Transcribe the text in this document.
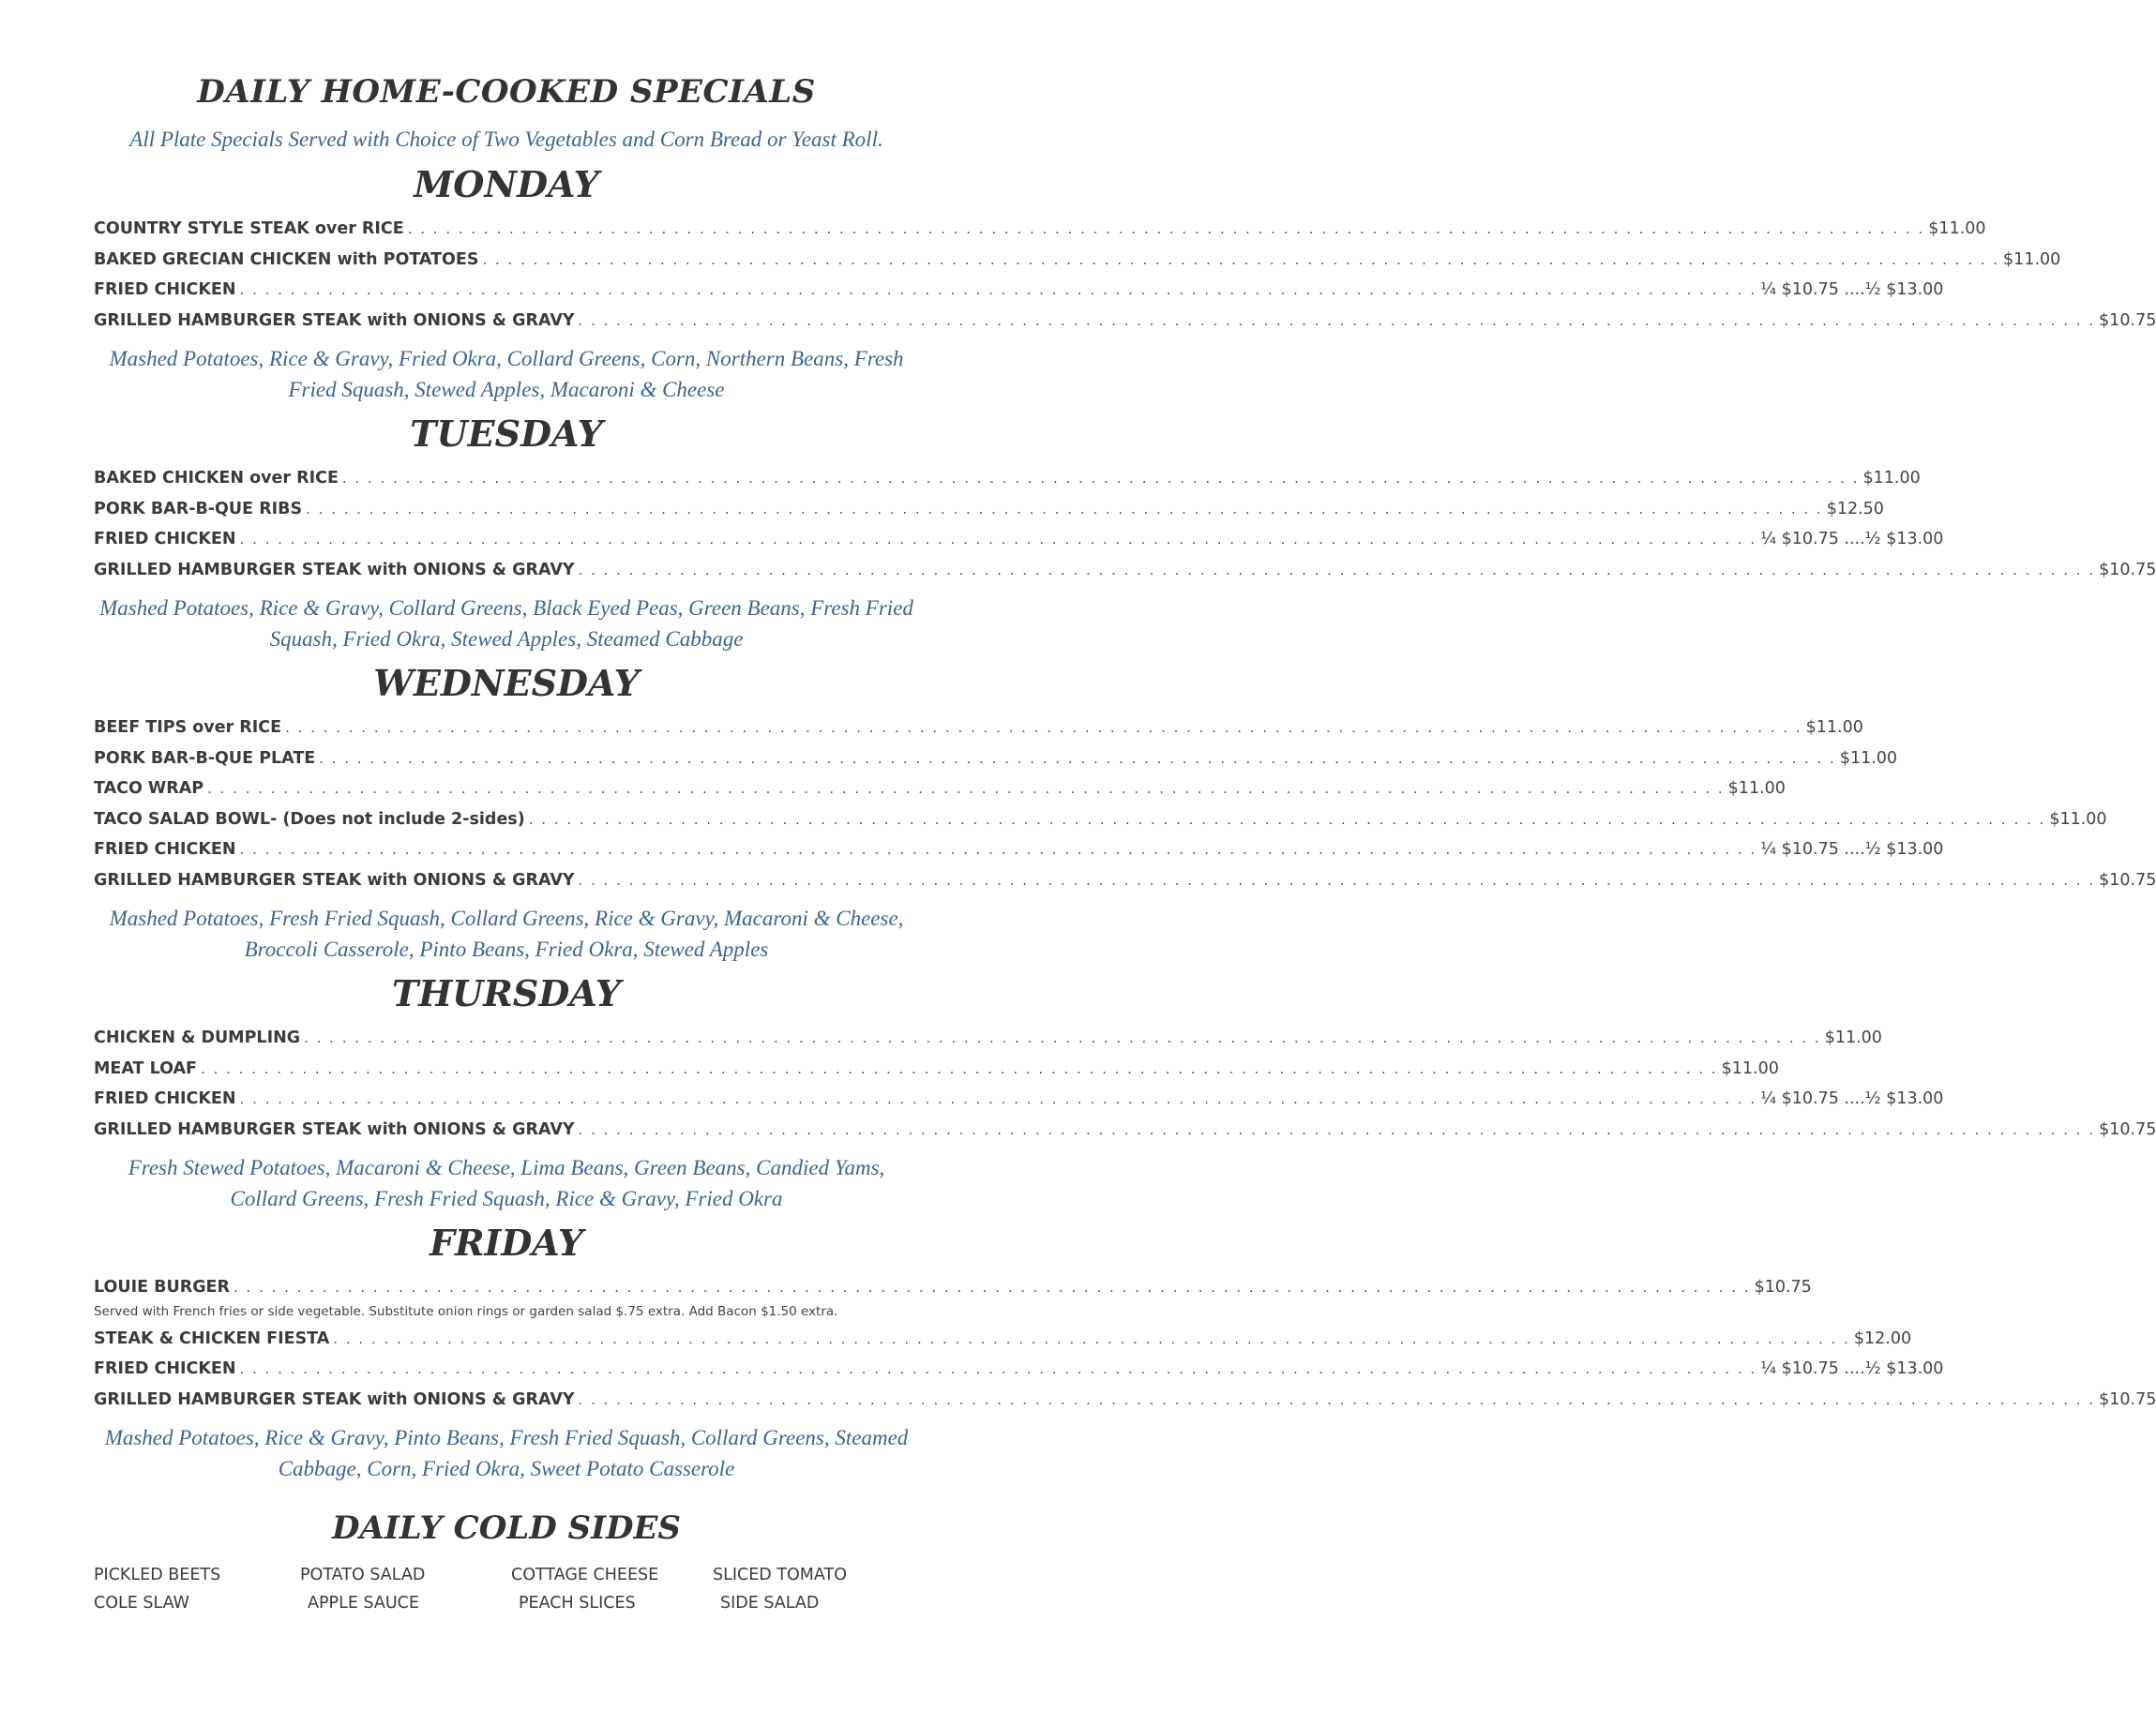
DAILY HOME-COOKED SPECIALS
All Plate Specials Served with Choice of Two Vegetables and Corn Bread or Yeast Roll.
MONDAY
COUNTRY STYLE STEAK over RICE . . . . . . . . . . . . . . . . . . . . . . . . . . . . . . . . . . . . . . . . . . . . . . . . . . . . . . . . . . . . . . . . . . . . . . . . . . . . . . . . . . . . . . . . . . . . . . . . . . . . . . . . . . . . . . . . . . . . . . . . $11.00
BAKED GRECIAN CHICKEN with POTATOES . . . . . . . . . . . . . . . . . . . . . . . . . . . . . . . . . . . . . . . . . . . . . . . . . . . . . . . . . . . . . . . . . . . . . . . . . . . . . . . . . . . . . . . . . . . . . . . . . . . . . . . . . . . . . . . . . . . . . . . . $11.00
FRIED CHICKEN . . . . . . . . . . . . . . . . . . . . . . . . . . . . . . . . . . . . . . . . . . . . . . . . . . . . . . . . . . . . . . . . . . . . . . . . . . . . . . . . . . . . . . . . . . . . . . . . . . . . . . . . . . . . . . . . . . . . . . . . ¼ $10.75 ....½ $13.00
GRILLED HAMBURGER STEAK with ONIONS & GRAVY . . . . . . . . . . . . . . . . . . . . . . . . . . . . . . . . . . . . . . . . . . . . . . . . . . . . . . . . . . . . . . . . . . . . . . . . . . . . . . . . . . . . . . . . . . . . . . . . . . . . . . . . . . . . . . . . . . . . . . . . $10.75
Mashed Potatoes, Rice & Gravy, Fried Okra, Collard Greens, Corn, Northern Beans, Fresh Fried Squash, Stewed Apples, Macaroni & Cheese
TUESDAY
BAKED CHICKEN over RICE . . . . . . . . . . . . . . . . . . . . . . . . . . . . . . . . . . . . . . . . . . . . . . . . . . . . . . . . . . . . . . . . . . . . . . . . . . . . . . . . . . . . . . . . . . . . . . . . . . . . . . . . . . . . . . . . . . . . . . . . $11.00
PORK BAR-B-QUE RIBS . . . . . . . . . . . . . . . . . . . . . . . . . . . . . . . . . . . . . . . . . . . . . . . . . . . . . . . . . . . . . . . . . . . . . . . . . . . . . . . . . . . . . . . . . . . . . . . . . . . . . . . . . . . . . . . . . . . . . . . . $12.50
FRIED CHICKEN . . . . . . . . . . . . . . . . . . . . . . . . . . . . . . . . . . . . . . . . . . . . . . . . . . . . . . . . . . . . . . . . . . . . . . . . . . . . . . . . . . . . . . . . . . . . . . . . . . . . . . . . . . . . . . . . . . . . . . . . ¼ $10.75 ....½ $13.00
GRILLED HAMBURGER STEAK with ONIONS & GRAVY . . . . . . . . . . . . . . . . . . . . . . . . . . . . . . . . . . . . . . . . . . . . . . . . . . . . . . . . . . . . . . . . . . . . . . . . . . . . . . . . . . . . . . . . . . . . . . . . . . . . . . . . . . . . . . . . . . . . . . . . $10.75
Mashed Potatoes, Rice & Gravy, Collard Greens, Black Eyed Peas, Green Beans, Fresh Fried Squash, Fried Okra, Stewed Apples, Steamed Cabbage
WEDNESDAY
BEEF TIPS over RICE . . . . . . . . . . . . . . . . . . . . . . . . . . . . . . . . . . . . . . . . . . . . . . . . . . . . . . . . . . . . . . . . . . . . . . . . . . . . . . . . . . . . . . . . . . . . . . . . . . . . . . . . . . . . . . . . . . . . . . . . $11.00
PORK BAR-B-QUE PLATE . . . . . . . . . . . . . . . . . . . . . . . . . . . . . . . . . . . . . . . . . . . . . . . . . . . . . . . . . . . . . . . . . . . . . . . . . . . . . . . . . . . . . . . . . . . . . . . . . . . . . . . . . . . . . . . . . . . . . . . . $11.00
TACO WRAP . . . . . . . . . . . . . . . . . . . . . . . . . . . . . . . . . . . . . . . . . . . . . . . . . . . . . . . . . . . . . . . . . . . . . . . . . . . . . . . . . . . . . . . . . . . . . . . . . . . . . . . . . . . . . . . . . . . . . . . . $11.00
TACO SALAD BOWL- (Does not include 2-sides) . . . . . . . . . . . . . . . . . . . . . . . . . . . . . . . . . . . . . . . . . . . . . . . . . . . . . . . . . . . . . . . . . . . . . . . . . . . . . . . . . . . . . . . . . . . . . . . . . . . . . . . . . . . . . . . . . . . . . . . . $11.00
FRIED CHICKEN . . . . . . . . . . . . . . . . . . . . . . . . . . . . . . . . . . . . . . . . . . . . . . . . . . . . . . . . . . . . . . . . . . . . . . . . . . . . . . . . . . . . . . . . . . . . . . . . . . . . . . . . . . . . . . . . . . . . . . . . ¼ $10.75 ....½ $13.00
GRILLED HAMBURGER STEAK with ONIONS & GRAVY . . . . . . . . . . . . . . . . . . . . . . . . . . . . . . . . . . . . . . . . . . . . . . . . . . . . . . . . . . . . . . . . . . . . . . . . . . . . . . . . . . . . . . . . . . . . . . . . . . . . . . . . . . . . . . . . . . . . . . . . $10.75
Mashed Potatoes, Fresh Fried Squash, Collard Greens, Rice & Gravy, Macaroni & Cheese, Broccoli Casserole, Pinto Beans, Fried Okra, Stewed Apples
THURSDAY
CHICKEN & DUMPLING . . . . . . . . . . . . . . . . . . . . . . . . . . . . . . . . . . . . . . . . . . . . . . . . . . . . . . . . . . . . . . . . . . . . . . . . . . . . . . . . . . . . . . . . . . . . . . . . . . . . . . . . . . . . . . . . . . . . . . . . $11.00
MEAT LOAF . . . . . . . . . . . . . . . . . . . . . . . . . . . . . . . . . . . . . . . . . . . . . . . . . . . . . . . . . . . . . . . . . . . . . . . . . . . . . . . . . . . . . . . . . . . . . . . . . . . . . . . . . . . . . . . . . . . . . . . . $11.00
FRIED CHICKEN . . . . . . . . . . . . . . . . . . . . . . . . . . . . . . . . . . . . . . . . . . . . . . . . . . . . . . . . . . . . . . . . . . . . . . . . . . . . . . . . . . . . . . . . . . . . . . . . . . . . . . . . . . . . . . . . . . . . . . . . ¼ $10.75 ....½ $13.00
GRILLED HAMBURGER STEAK with ONIONS & GRAVY . . . . . . . . . . . . . . . . . . . . . . . . . . . . . . . . . . . . . . . . . . . . . . . . . . . . . . . . . . . . . . . . . . . . . . . . . . . . . . . . . . . . . . . . . . . . . . . . . . . . . . . . . . . . . . . . . . . . . . . . $10.75
Fresh Stewed Potatoes, Macaroni & Cheese, Lima Beans, Green Beans, Candied Yams, Collard Greens, Fresh Fried Squash, Rice & Gravy, Fried Okra
FRIDAY
LOUIE BURGER . . . . . . . . . . . . . . . . . . . . . . . . . . . . . . . . . . . . . . . . . . . . . . . . . . . . . . . . . . . . . . . . . . . . . . . . . . . . . . . . . . . . . . . . . . . . . . . . . . . . . . . . . . . . . . . . . . . . . . . . $10.75
Served with French fries or side vegetable. Substitute onion rings or garden salad $.75 extra. Add Bacon $1.50 extra.
STEAK & CHICKEN FIESTA . . . . . . . . . . . . . . . . . . . . . . . . . . . . . . . . . . . . . . . . . . . . . . . . . . . . . . . . . . . . . . . . . . . . . . . . . . . . . . . . . . . . . . . . . . . . . . . . . . . . . . . . . . . . . . . . . . . . . . . . $12.00
FRIED CHICKEN . . . . . . . . . . . . . . . . . . . . . . . . . . . . . . . . . . . . . . . . . . . . . . . . . . . . . . . . . . . . . . . . . . . . . . . . . . . . . . . . . . . . . . . . . . . . . . . . . . . . . . . . . . . . . . . . . . . . . . . . ¼ $10.75 ....½ $13.00
GRILLED HAMBURGER STEAK with ONIONS & GRAVY . . . . . . . . . . . . . . . . . . . . . . . . . . . . . . . . . . . . . . . . . . . . . . . . . . . . . . . . . . . . . . . . . . . . . . . . . . . . . . . . . . . . . . . . . . . . . . . . . . . . . . . . . . . . . . . . . . . . . . . . $10.75
Mashed Potatoes, Rice & Gravy, Pinto Beans, Fresh Fried Squash, Collard Greens, Steamed Cabbage, Corn, Fried Okra, Sweet Potato Casserole
DAILY COLD SIDES
PICKLED BEETS	POTATO SALAD	COTTAGE CHEESE	SLICED TOMATO
COLE SLAW	APPLE SAUCE	PEACH SLICES	SIDE SALAD
